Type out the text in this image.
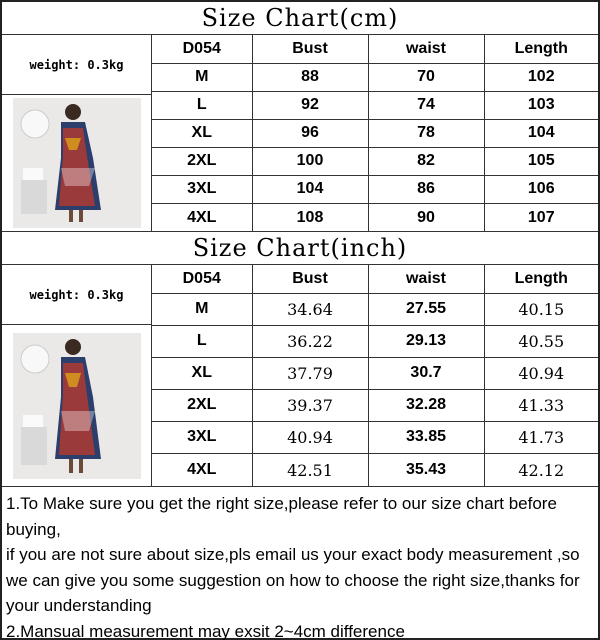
Size Chart(cm)
weight: 0.3kg
D054	Bust	waist	Length
M	88	70	102
L	92	74	103
XL	96	78	104
2XL	100	82	105
3XL	104	86	106
4XL	108	90	107
Size Chart(inch)
weight: 0.3kg
D054	Bust	waist	Length
M	34.64	27.55	40.15
L	36.22	29.13	40.55
XL	37.79	30.7	40.94
2XL	39.37	32.28	41.33
3XL	40.94	33.85	41.73
4XL	42.51	35.43	42.12

1.To Make sure you get the right size,please refer to our size chart before buying,

if you are not sure about size,pls email us your exact body measurement ,so we can give you some suggestion on how to choose the right size,thanks for your understanding

2.Mansual measurement may exsit 2~4cm difference
